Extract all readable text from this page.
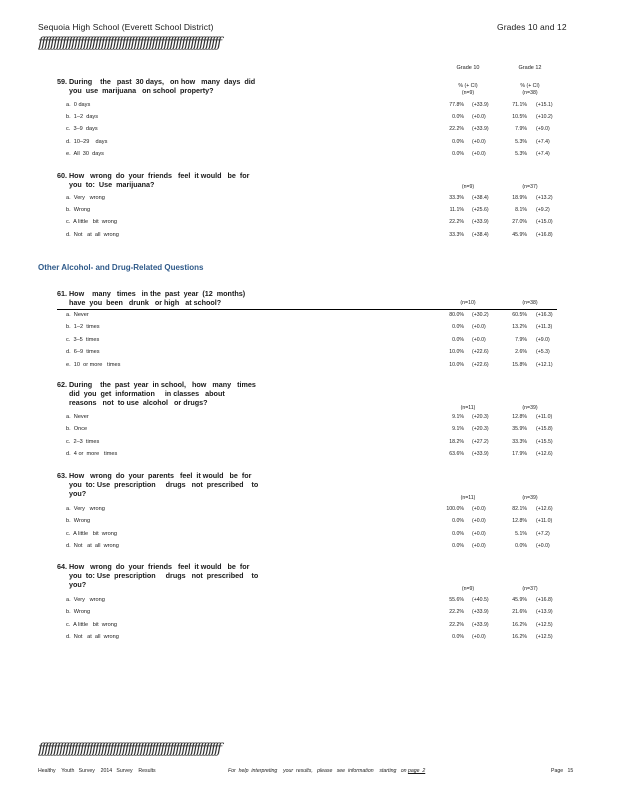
Sequoia High School (Everett School District)	Grades 10 and 12
ƒƒƒƒƒƒƒƒƒƒƒƒƒƒƒƒƒƒƒƒƒƒƒƒƒƒƒƒƒƒƒƒƒƒƒƒƒƒƒƒƒƒƒƒƒƒƒƒƒƒƒƒƒƒƒƒƒƒƒƒƒ
Grade 10	Grade 12
59. During    the   past  30 days,   on how   many  days  did
you  use  marijuana   on school  property?	% (+ CI)	% (+ CI)
(n=9)	(n=38)
a.  0 days	77.8% (+33.9)	71.1% (+15.1)
b.  1–2  days	0.0% (+0.0)	10.5% (+10.2)
c.  3–9  days	22.2% (+33.9)	7.9% (+9.0)
d.  10–29    days	0.0% (+0.0)	5.3% (+7.4)
e.  All  30  days	0.0% (+0.0)	5.3% (+7.4)
60. How   wrong  do  your  friends   feel  it would   be  for
you  to:  Use  marijuana?	(n=9)	(n=37)
a.  Very   wrong	33.3% (+38.4)	18.9% (+13.2)
b.  Wrong	11.1% (+25.6)	8.1% (+9.2)
c.  A little   bit  wrong	22.2% (+33.9)	27.0% (+15.0)
d.  Not   at  all  wrong	33.3% (+38.4)	45.9% (+16.8)
61. How    many   times   in the  past  year  (12  months)
have  you  been   drunk   or high   at school?	(n=10)	(n=38)
a.  Never	80.0% (+30.2)	60.5% (+16.3)
b.  1–2  times	0.0% (+0.0)	13.2% (+11.3)
c.  3–5  times	0.0% (+0.0)	7.9% (+9.0)
d.  6–9  times	10.0% (+22.6)	2.6% (+5.3)
e.  10  or more   times	10.0% (+22.6)	15.8% (+12.1)
62. During    the  past  year  in school,   how   many   times
did  you  get  information     in classes   about
reasons   not  to use  alcohol   or drugs?
(n=11)	(n=39)
a.  Never	9.1% (+20.3)	12.8% (+11.0)
b.  Once	9.1% (+20.3)	35.9% (+15.8)
c.  2–3  times	18.2% (+27.2)	33.3% (+15.5)
d.  4 or  more   times	63.6% (+33.9)	17.9% (+12.6)
63. How   wrong  do  your  parents   feel  it would   be  for
you  to: Use  prescription     drugs   not  prescribed    to
you?	(n=11)	(n=39)
a.  Very   wrong	100.0% (+0.0)	82.1% (+12.6)
b.  Wrong	0.0% (+0.0)	12.8% (+11.0)
c.  A little   bit  wrong	0.0% (+0.0)	5.1% (+7.2)
d.  Not   at  all  wrong	0.0% (+0.0)	0.0% (+0.0)
64. How   wrong  do  your  friends   feel  it would   be  for
you  to: Use  prescription     drugs   not  prescribed    to
you?	(n=9)	(n=37)
a.  Very   wrong	55.6% (+40.5)	45.9% (+16.8)
b.  Wrong	22.2% (+33.9)	21.6% (+13.9)
c.  A little   bit  wrong	22.2% (+33.9)	16.2% (+12.5)
d.  Not   at  all  wrong	0.0% (+0.0)	16.2% (+12.5)
Other Alcohol- and Drug-Related Questions
ƒƒƒƒƒƒƒƒƒƒƒƒƒƒƒƒƒƒƒƒƒƒƒƒƒƒƒƒƒƒƒƒƒƒƒƒƒƒƒƒƒƒƒƒƒƒƒƒƒƒƒƒƒƒƒƒƒƒƒƒƒ
Healthy    Youth   Survey    2014   Survey    Results	For  help  interpreting    your  results,   please   see  information    starting   on page  2	Page   15
